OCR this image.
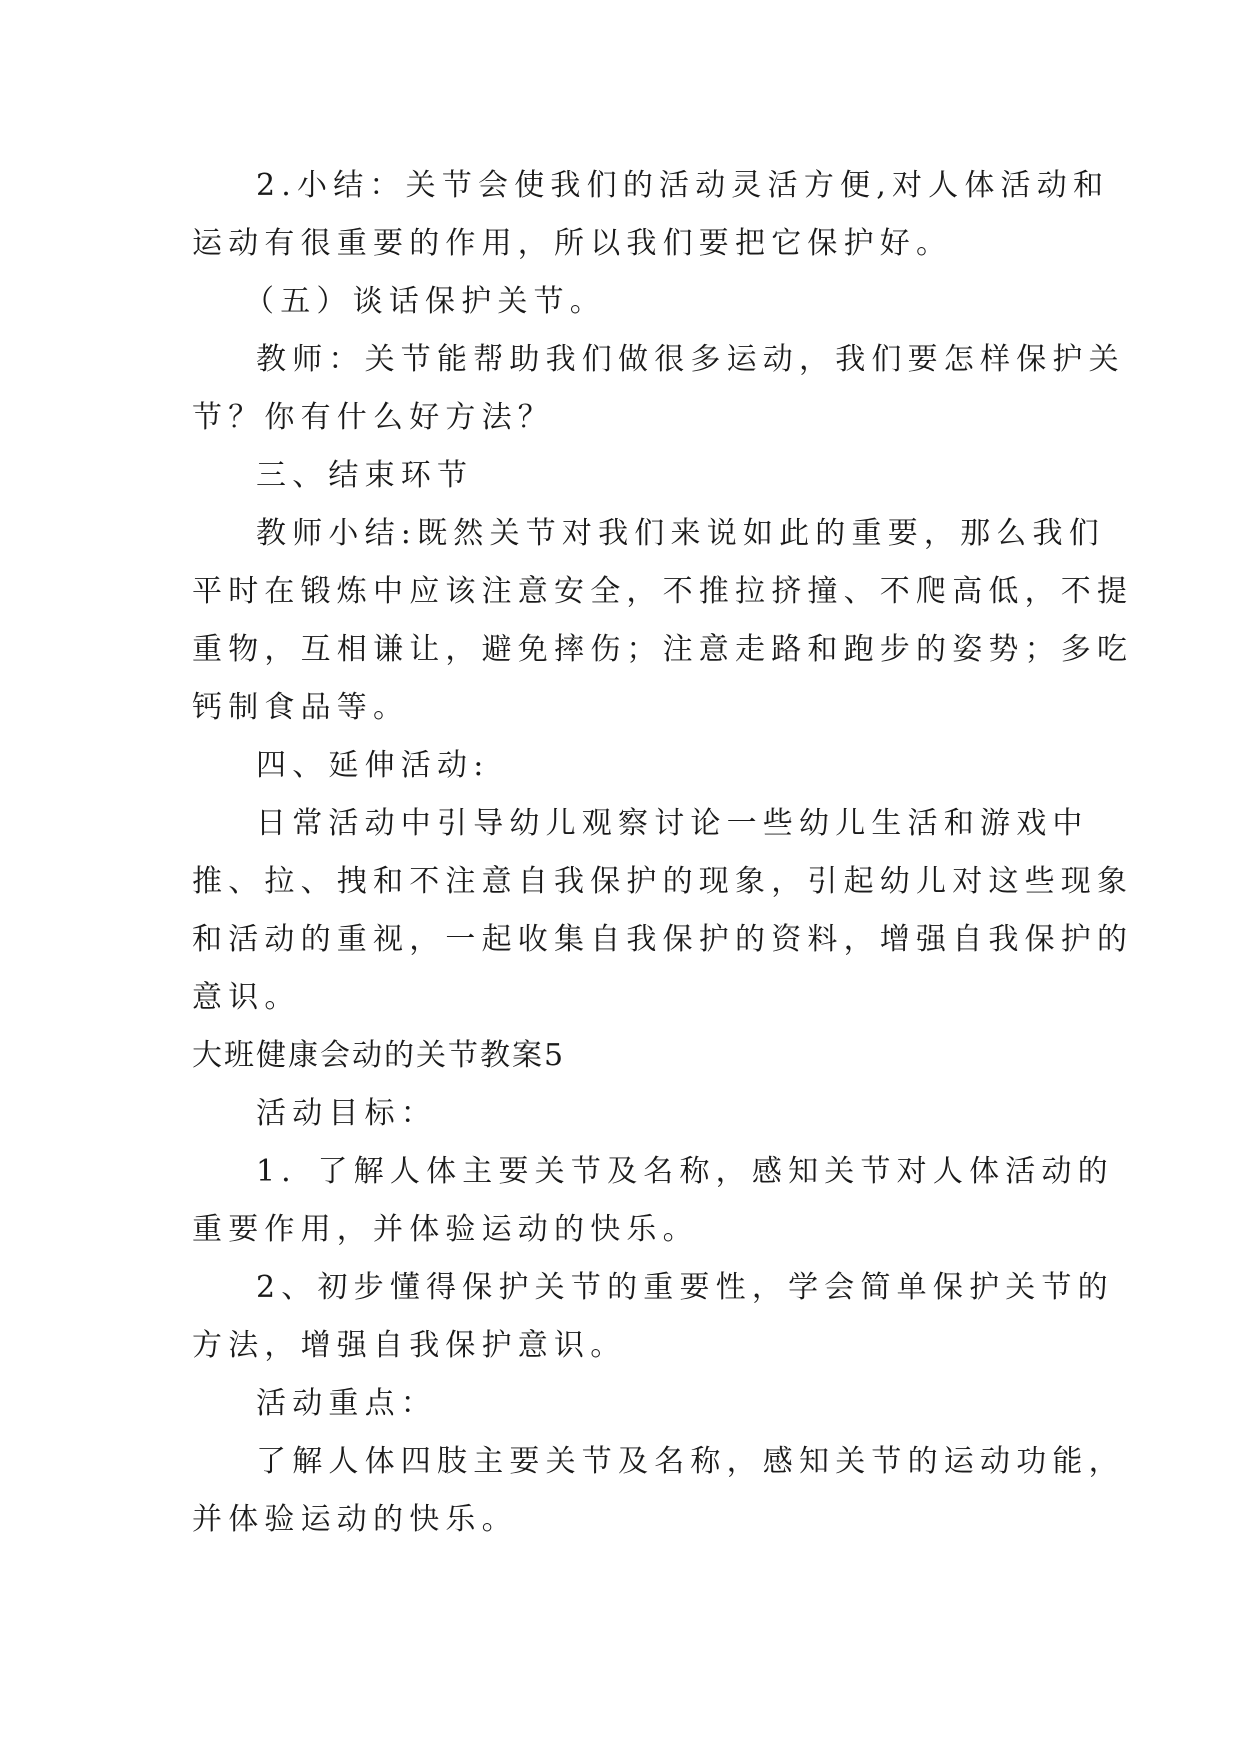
2.小结：关节会使我们的活动灵活方便,对人体活动和
运动有很重要的作用，所以我们要把它保护好。
（五）谈话保护关节。
教师：关节能帮助我们做很多运动，我们要怎样保护关
节？你有什么好方法？
三、结束环节
教师小结:既然关节对我们来说如此的重要，那么我们
平时在锻炼中应该注意安全，不推拉挤撞、不爬高低，不提
重物，互相谦让，避免摔伤；注意走路和跑步的姿势；多吃
钙制食品等。
四、延伸活动:
日常活动中引导幼儿观察讨论一些幼儿生活和游戏中
推、拉、拽和不注意自我保护的现象，引起幼儿对这些现象
和活动的重视，一起收集自我保护的资料，增强自我保护的
意识。
大班健康会动的关节教案5
活动目标：
1．了解人体主要关节及名称，感知关节对人体活动的
重要作用，并体验运动的快乐。
2、初步懂得保护关节的重要性，学会简单保护关节的
方法，增强自我保护意识。
活动重点：
了解人体四肢主要关节及名称，感知关节的运动功能，
并体验运动的快乐。
